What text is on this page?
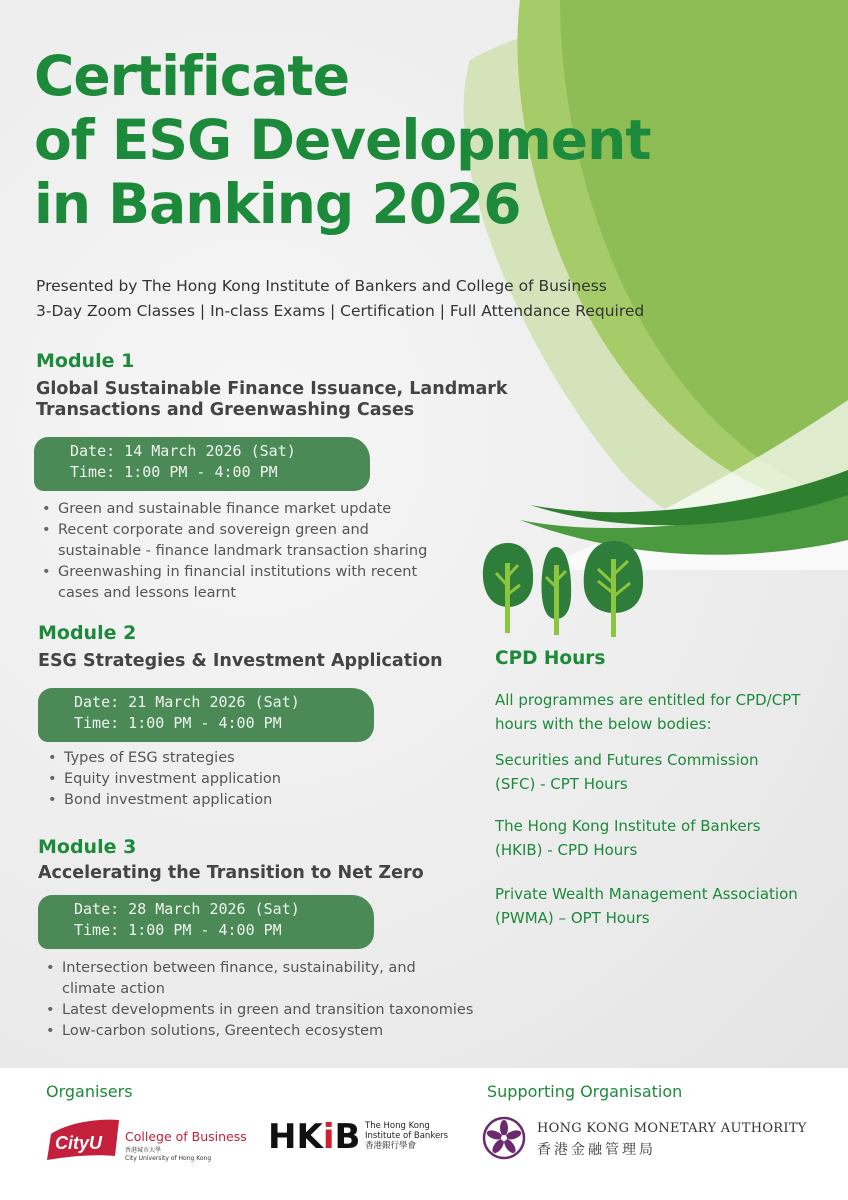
Certificate
of ESG Development
in Banking 2026
Presented by The Hong Kong Institute of Bankers and College of Business
3-Day Zoom Classes | In-class Exams | Certification | Full Attendance Required
Module 1
Global Sustainable Finance Issuance, Landmark
Transactions and Greenwashing Cases
Date: 14 March 2026 (Sat)
Time: 1:00 PM - 4:00 PM
• Green and sustainable finance market update
• Recent corporate and sovereign green and
sustainable - finance landmark transaction sharing
• Greenwashing in financial institutions with recent
cases and lessons learnt
Module 2
ESG Strategies & Investment Application
Date: 21 March 2026 (Sat)
Time: 1:00 PM - 4:00 PM
• Types of ESG strategies
• Equity investment application
• Bond investment application
Module 3
Accelerating the Transition to Net Zero
Date: 28 March 2026 (Sat)
Time: 1:00 PM - 4:00 PM
• Intersection between finance, sustainability, and
climate action
• Latest developments in green and transition taxonomies
• Low-carbon solutions, Greentech ecosystem
CPD Hours
All programmes are entitled for CPD/CPT
hours with the below bodies:
Securities and Futures Commission
(SFC) - CPT Hours
The Hong Kong Institute of Bankers
(HKIB) - CPD Hours
Private Wealth Management Association
(PWMA) – OPT Hours
Organisers	Supporting Organisation
CityU College of Business
香港城市大學
City University of Hong Kong
HKiB The Hong Kong
Institute of Bankers
香港銀行學會
HONG KONG MONETARY AUTHORITY
香港金融管理局
